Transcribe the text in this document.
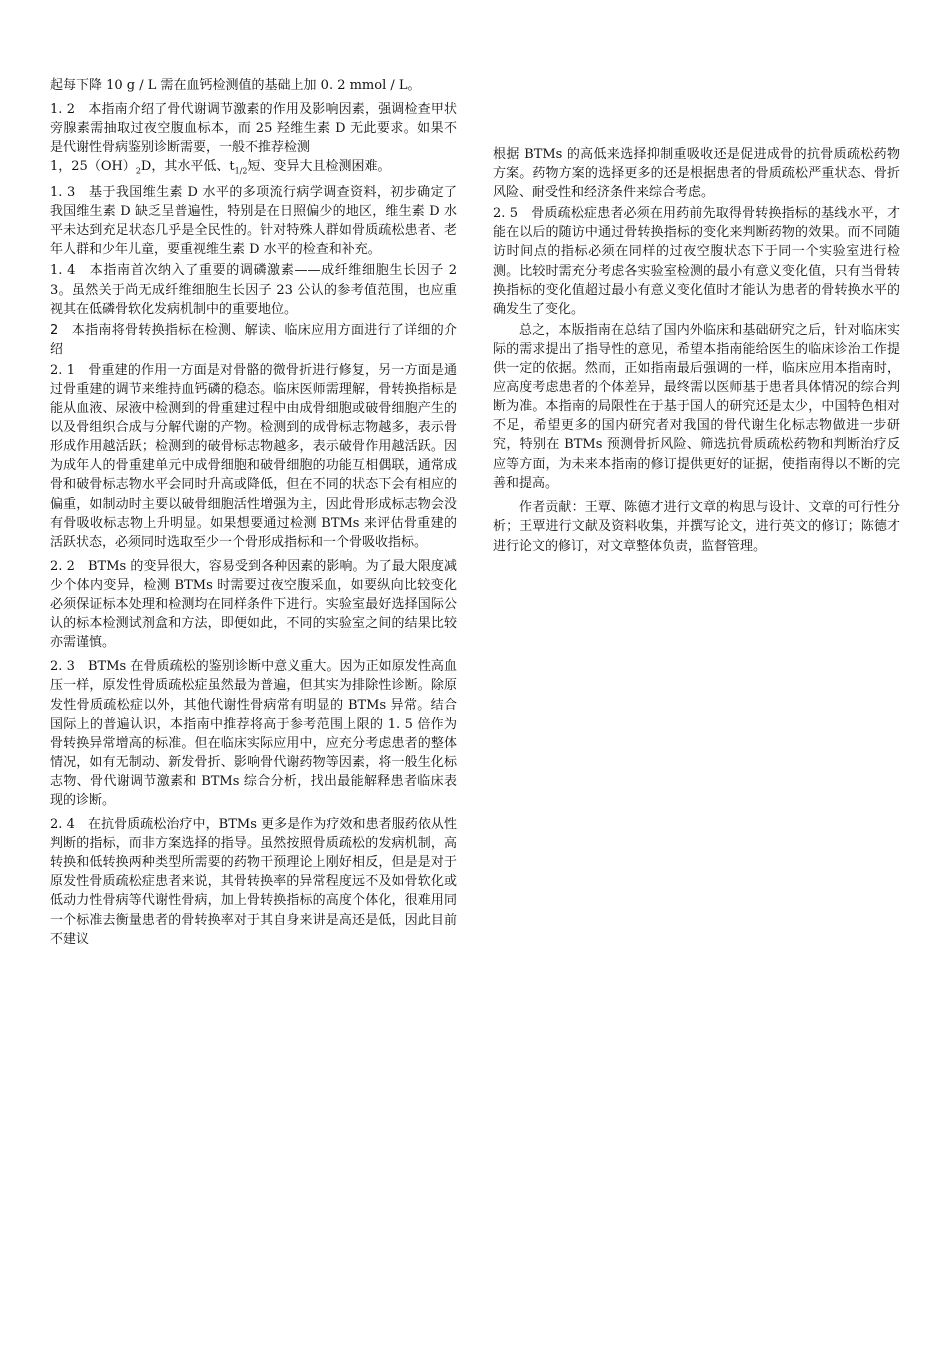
起每下降 10 g / L 需在血钙检测值的基础上加 0. 2 mmol / L。

1. 2　本指南介绍了骨代谢调节激素的作用及影响因素，强调检查甲状旁腺素需抽取过夜空腹血标本，而 25 羟维生素 D 无此要求。如果不是代谢性骨病鉴别诊断需要，一般不推荐检测

1，$25(OH)_2D$，其水平低、$t_{1/2}$短、变异大且检测困难。

1. 3　基于我国维生素 D 水平的多项流行病学调查资料，初步确定了我国维生素 D 缺乏呈普遍性，特别是在日照偏少的地区，维生素 D 水平未达到充足状态几乎是全民性的。针对特殊人群如骨质疏松患者、老年人群和少年儿童，要重视维生素 D 水平的检查和补充。

1. 4　本指南首次纳入了重要的调磷激素——成纤维细胞生长因子 23。虽然关于尚无成纤维细胞生长因子 23 公认的参考值范围，也应重视其在低磷骨软化发病机制中的重要地位。

2　本指南将骨转换指标在检测、解读、临床应用方面进行了详细的介绍

2. 1　骨重建的作用一方面是对骨骼的微骨折进行修复，另一方面是通过骨重建的调节来维持血钙磷的稳态。临床医师需理解，骨转换指标是能从血液、尿液中检测到的骨重建过程中由成骨细胞或破骨细胞产生的以及骨组织合成与分解代谢的产物。检测到的成骨标志物越多，表示骨形成作用越活跃；检测到的破骨标志物越多，表示破骨作用越活跃。因为成年人的骨重建单元中成骨细胞和破骨细胞的功能互相偶联，通常成骨和破骨标志物水平会同时升高或降低，但在不同的状态下会有相应的偏重，如制动时主要以破骨细胞活性增强为主，因此骨形成标志物会没有骨吸收标志物上升明显。如果想要通过检测 BTMs 来评估骨重建的活跃状态，必须同时选取至少一个骨形成指标和一个骨吸收指标。

2. 2　BTMs 的变异很大，容易受到各种因素的影响。为了最大限度减少个体内变异，检测 BTMs 时需要过夜空腹采血，如要纵向比较变化必须保证标本处理和检测均在同样条件下进行。实验室最好选择国际公认的标本检测试剂盒和方法，即便如此，不同的实验室之间的结果比较亦需谨慎。

2. 3　BTMs 在骨质疏松的鉴别诊断中意义重大。因为正如原发性高血压一样，原发性骨质疏松症虽然最为普遍，但其实为排除性诊断。除原发性骨质疏松症以外，其他代谢性骨病常有明显的 BTMs 异常。结合国际上的普遍认识，本指南中推荐将高于参考范围上限的 1. 5 倍作为骨转换异常增高的标准。但在临床实际应用中，应充分考虑患者的整体情况，如有无制动、新发骨折、影响骨代谢药物等因素，将一般生化标志物、骨代谢调节激素和 BTMs 综合分析，找出最能解释患者临床表现的诊断。

2. 4　在抗骨质疏松治疗中，BTMs 更多是作为疗效和患者服药依从性判断的指标，而非方案选择的指导。虽然按照骨质疏松的发病机制，高转换和低转换两种类型所需要的药物干预理论上刚好相反，但是是对于原发性骨质疏松症患者来说，其骨转换率的异常程度远不及如骨软化或低动力性骨病等代谢性骨病，加上骨转换指标的高度个体化，很难用同一个标准去衡量患者的骨转换率对于其自身来讲是高还是低，因此目前不建议

根据 BTMs 的高低来选择抑制重吸收还是促进成骨的抗骨质疏松药物方案。药物方案的选择更多的还是根据患者的骨质疏松严重状态、骨折风险、耐受性和经济条件来综合考虑。

2. 5　骨质疏松症患者必须在用药前先取得骨转换指标的基线水平，才能在以后的随访中通过骨转换指标的变化来判断药物的效果。而不同随访时间点的指标必须在同样的过夜空腹状态下于同一个实验室进行检测。比较时需充分考虑各实验室检测的最小有意义变化值，只有当骨转换指标的变化值超过最小有意义变化值时才能认为患者的骨转换水平的确发生了变化。

总之，本版指南在总结了国内外临床和基础研究之后，针对临床实际的需求提出了指导性的意见，希望本指南能给医生的临床诊治工作提供一定的依据。然而，正如指南最后强调的一样，临床应用本指南时，应高度考虑患者的个体差异，最终需以医师基于患者具体情况的综合判断为准。本指南的局限性在于基于国人的研究还是太少，中国特色相对不足，希望更多的国内研究者对我国的骨代谢生化标志物做进一步研究，特别在 BTMs 预测骨折风险、筛选抗骨质疏松药物和判断治疗反应等方面，为未来本指南的修订提供更好的证据，使指南得以不断的完善和提高。

作者贡献：王覃、陈德才进行文章的构思与设计、文章的可行性分析；王覃进行文献及资料收集，并撰写论文，进行英文的修订；陈德才进行论文的修订，对文章整体负责，监督管理。
